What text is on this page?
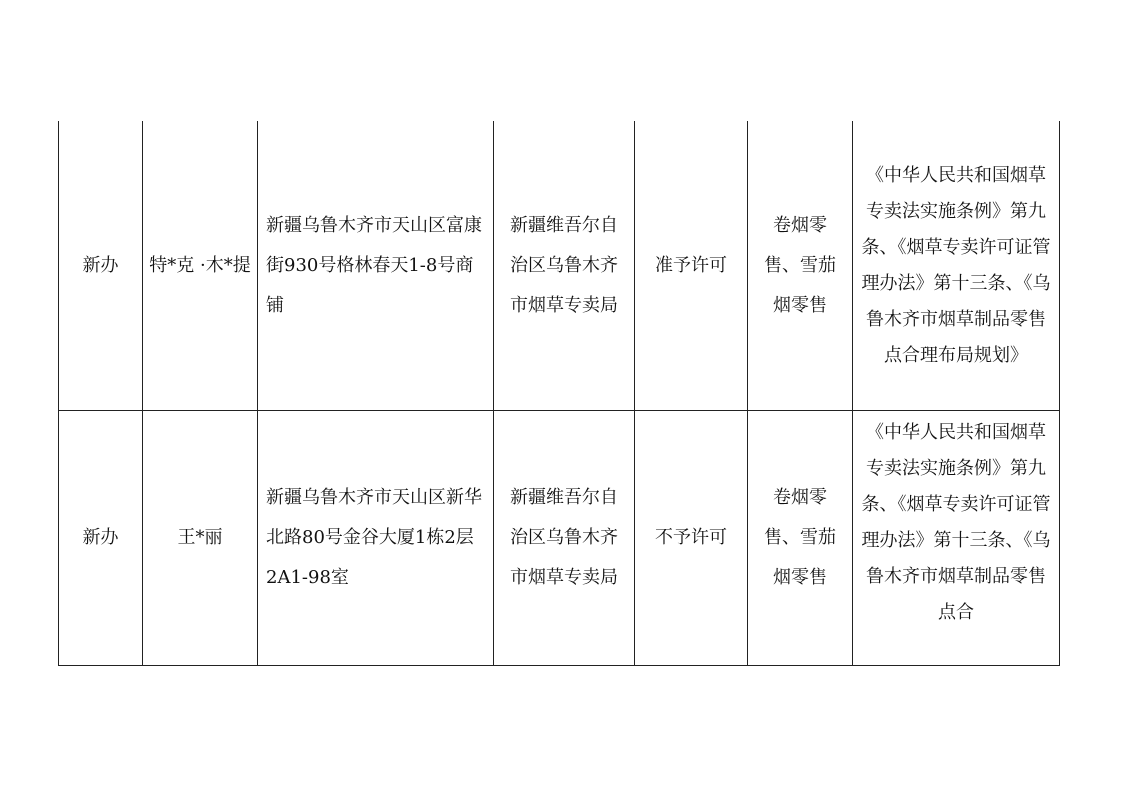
新办	特*克 ·木*提	新疆乌鲁木齐市天山区富康街930号格林春天1-8号商铺	新疆维吾尔自治区乌鲁木齐市烟草专卖局	准予许可	卷烟零售、雪茄烟零售	《中华人民共和国烟草专卖法实施条例》第九条、《烟草专卖许可证管理办法》第十三条、《乌鲁木齐市烟草制品零售点合理布局规划》
新办	王*丽	新疆乌鲁木齐市天山区新华北路80号金谷大厦1栋2层2A1-98室	新疆维吾尔自治区乌鲁木齐市烟草专卖局	不予许可	卷烟零售、雪茄烟零售	《中华人民共和国烟草专卖法实施条例》第九条、《烟草专卖许可证管理办法》第十三条、《乌鲁木齐市烟草制品零售点合
